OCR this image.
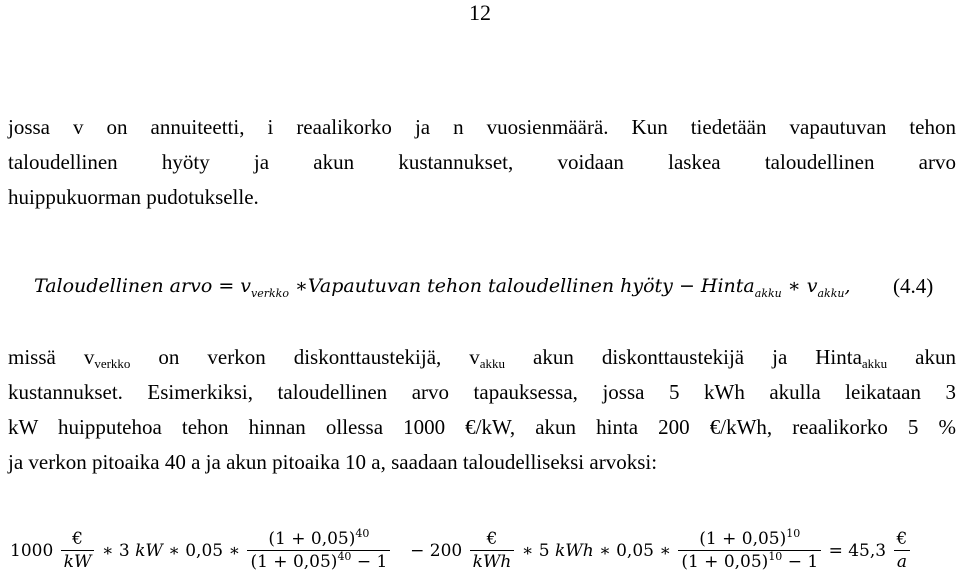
12
jossa v on annuiteetti, i reaalikorko ja n vuosienmäärä. Kun tiedetään vapautuvan tehon
taloudellinen hyöty ja akun kustannukset, voidaan laskea taloudellinen arvo
huippukuorman pudotukselle.
Taloudellinen arvo = $v_{verkko}$ ∗Vapautuvan tehon taloudellinen hyöty − Hinta$_{akku}$ ∗ $v_{akku}$, (4.4)
missä $v_{verkko}$ on verkon diskonttaustekijä, $v_{akku}$ akun diskonttaustekijä ja Hinta$_{akku}$ akun
kustannukset. Esimerkiksi, taloudellinen arvo tapauksessa, jossa 5 kWh akulla leikataan 3
kW huipputehoa tehon hinnan ollessa 1000 €/kW, akun hinta 200 €/kWh, reaalikorko 5 %
ja verkon pitoaika 40 a ja akun pitoaika 10 a, saadaan taloudelliseksi arvoksi:
$1000 \frac{€}{kW}$ ∗ 3 kW ∗ 0,05 ∗ $\frac{(1 + 0,05)^{40}}{(1 + 0,05)^{40} - 1} - 200 \frac{€}{\text{kWh}}$ ∗ 5 kWh ∗ 0,05 ∗ $\frac{(1 + 0,05)^{10}}{(1 + 0,05)^{10} - 1} = 45,3 \frac{€}{a}$
